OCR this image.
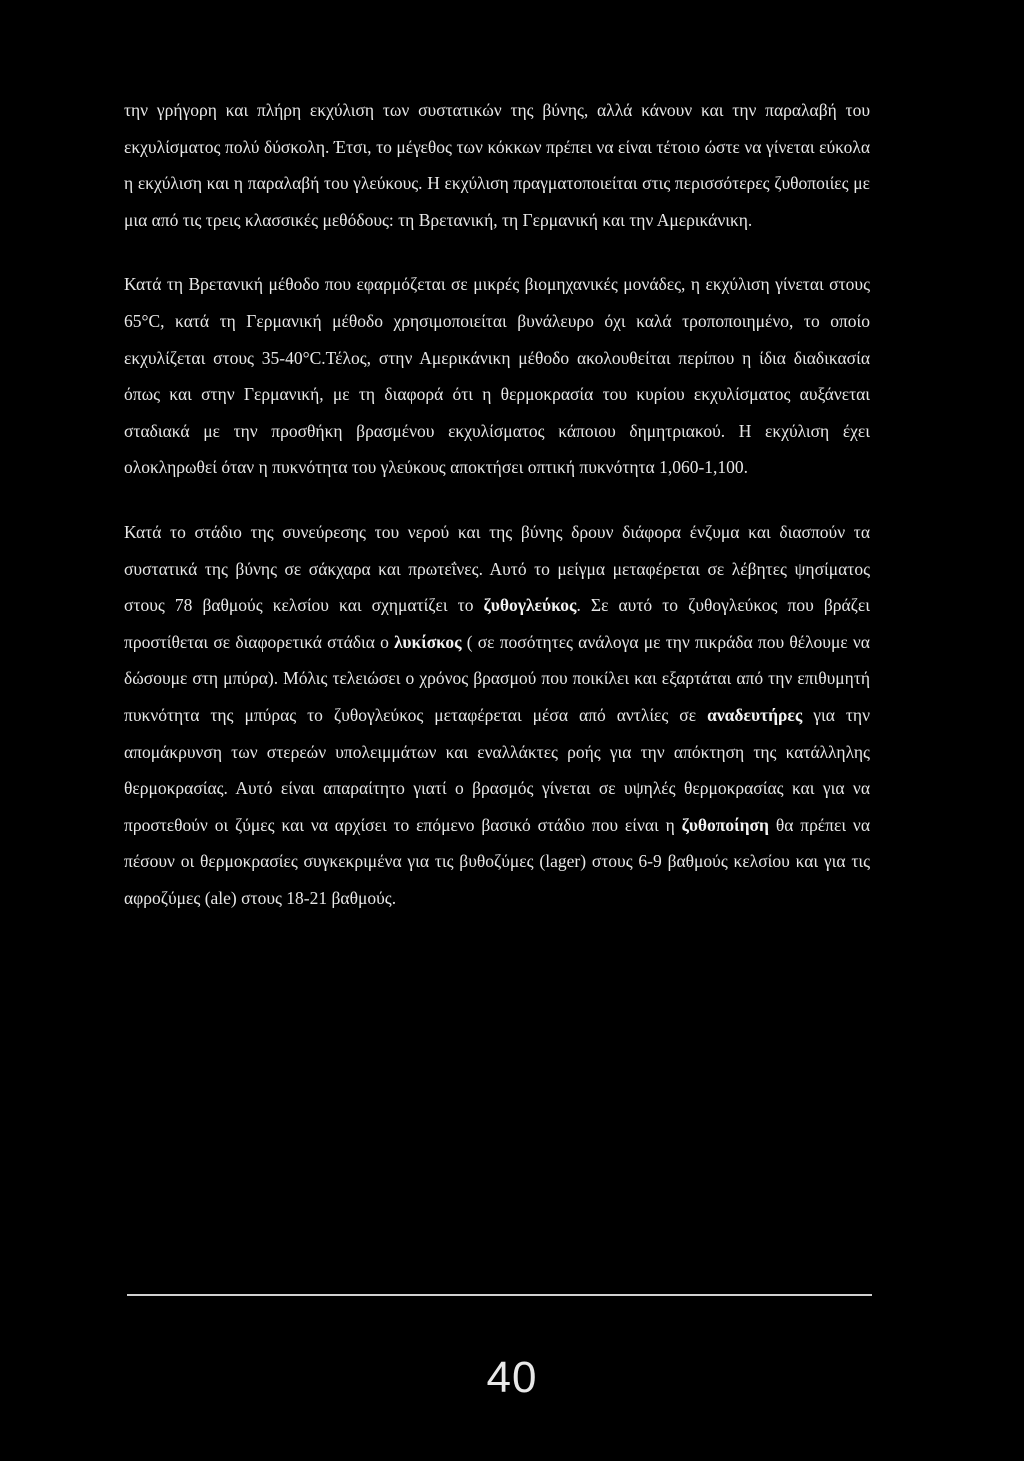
την γρήγορη και πλήρη εκχύλιση των συστατικών της βύνης, αλλά κάνουν και την παραλαβή του εκχυλίσματος πολύ δύσκολη. Έτσι, το μέγεθος των κόκκων πρέπει να είναι τέτοιο ώστε να γίνεται εύκολα η εκχύλιση και η παραλαβή του γλεύκους. Η εκχύλιση πραγματοποιείται στις περισσότερες ζυθοποιίες με μια από τις τρεις κλασσικές μεθόδους: τη Βρετανική, τη Γερμανική και την Αμερικάνικη.

Κατά τη Βρετανική μέθοδο που εφαρμόζεται σε μικρές βιομηχανικές μονάδες, η εκχύλιση γίνεται στους 65°C, κατά τη Γερμανική μέθοδο χρησιμοποιείται βυνάλευρο όχι καλά τροποποιημένο, το οποίο εκχυλίζεται στους 35-40°C.Τέλος, στην Αμερικάνικη μέθοδο ακολουθείται περίπου η ίδια διαδικασία όπως και στην Γερμανική, με τη διαφορά ότι η θερμοκρασία του κυρίου εκχυλίσματος αυξάνεται σταδιακά με την προσθήκη βρασμένου εκχυλίσματος κάποιου δημητριακού. Η εκχύλιση έχει ολοκληρωθεί όταν η πυκνότητα του γλεύκους αποκτήσει οπτική πυκνότητα 1,060-1,100.

Κατά το στάδιο της συνεύρεσης του νερού και της βύνης δρουν διάφορα ένζυμα και διασπούν τα συστατικά της βύνης σε σάκχαρα και πρωτεΐνες. Αυτό το μείγμα μεταφέρεται σε λέβητες ψησίματος στους 78 βαθμούς κελσίου και σχηματίζει το ζυθογλεύκος. Σε αυτό το ζυθογλεύκος που βράζει προστίθεται σε διαφορετικά στάδια ο λυκίσκος ( σε ποσότητες ανάλογα με την πικράδα που θέλουμε να δώσουμε στη μπύρα). Μόλις τελειώσει ο χρόνος βρασμού που ποικίλει και εξαρτάται από την επιθυμητή πυκνότητα της μπύρας το ζυθογλεύκος μεταφέρεται μέσα από αντλίες σε αναδευτήρες για την απομάκρυνση των στερεών υπολειμμάτων και εναλλάκτες ροής για την απόκτηση της κατάλληλης θερμοκρασίας. Αυτό είναι απαραίτητο γιατί ο βρασμός γίνεται σε υψηλές θερμοκρασίας και για να προστεθούν οι ζύμες και να αρχίσει το επόμενο βασικό στάδιο που είναι η ζυθοποίηση θα πρέπει να πέσουν οι θερμοκρασίες συγκεκριμένα για τις βυθοζύμες (lager) στους 6-9 βαθμούς κελσίου και για τις αφροζύμες (ale) στους 18-21 βαθμούς.

40
